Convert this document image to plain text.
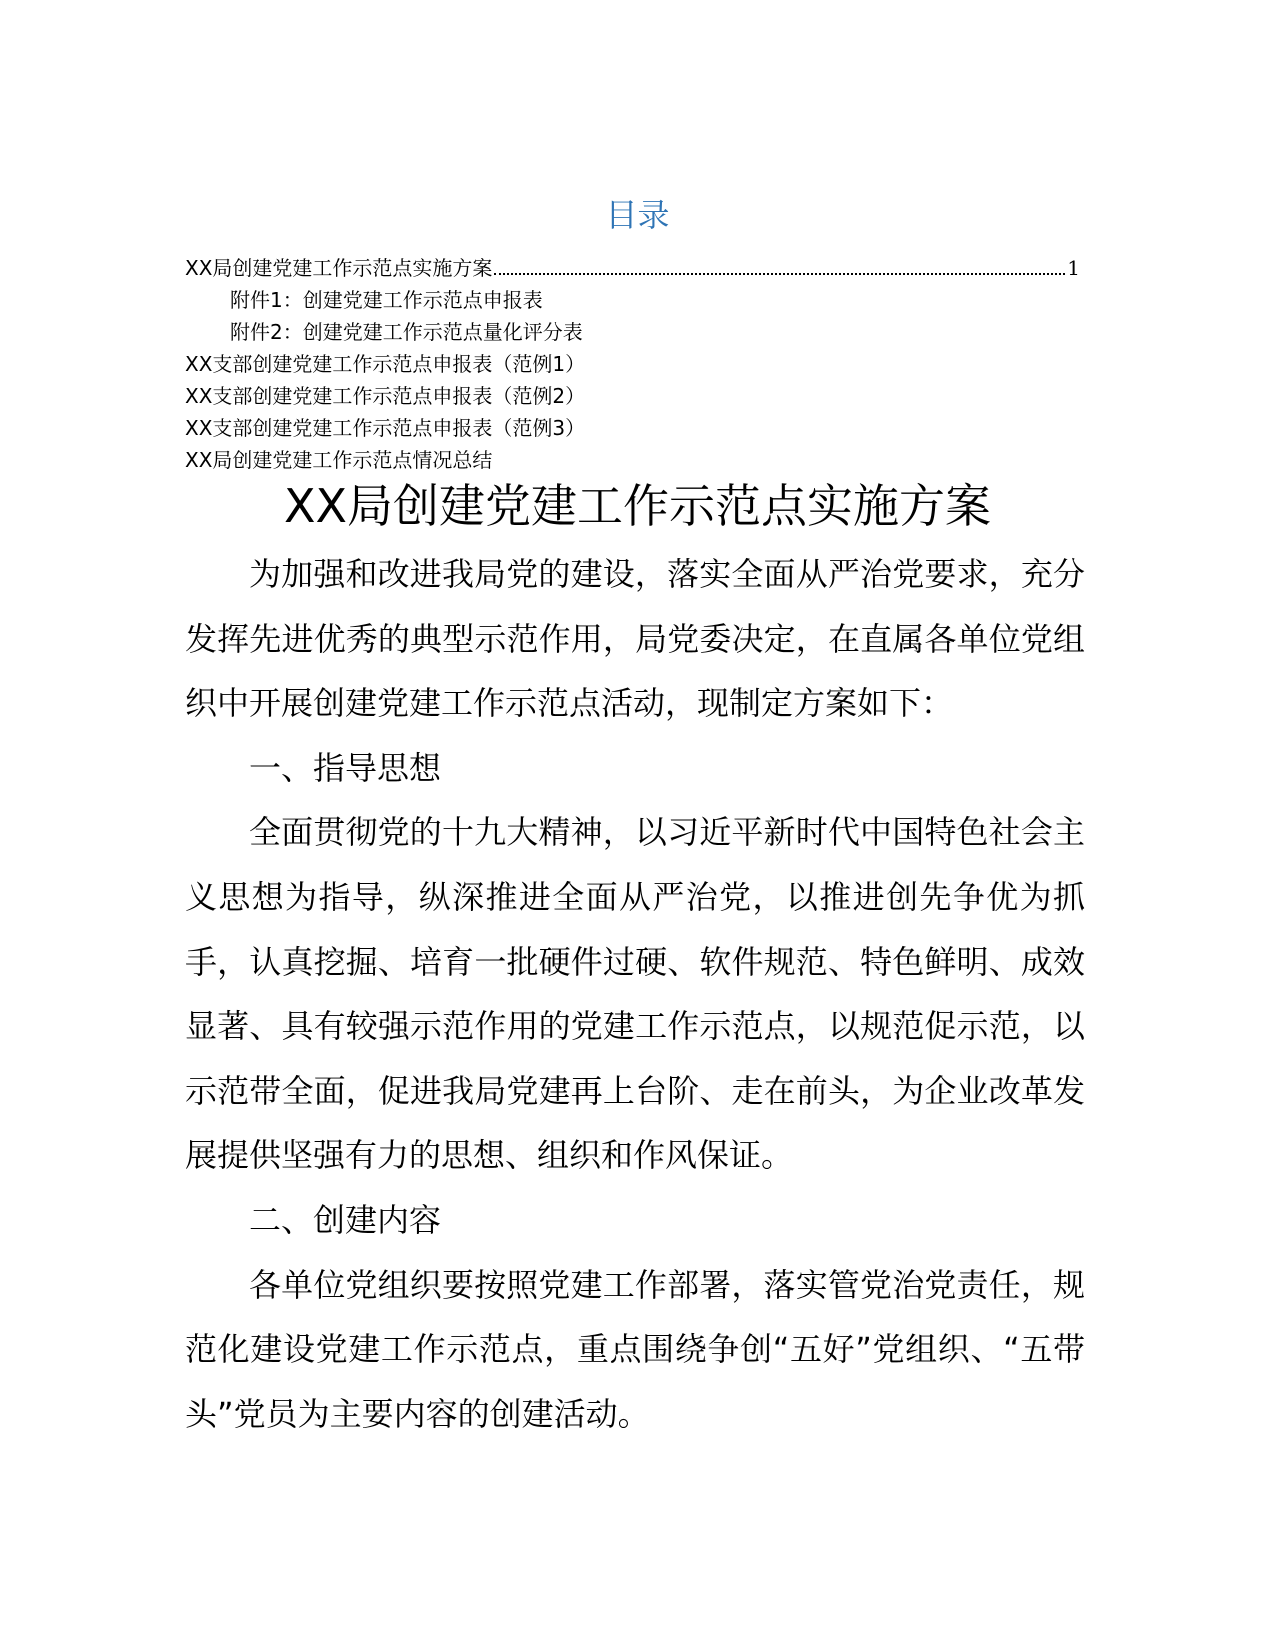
目录
XX局创建党建工作示范点实施方案	1
附件1：创建党建工作示范点申报表
附件2：创建党建工作示范点量化评分表
XX支部创建党建工作示范点申报表（范例1）
XX支部创建党建工作示范点申报表（范例2）
XX支部创建党建工作示范点申报表（范例3）
XX局创建党建工作示范点情况总结
XX局创建党建工作示范点实施方案

为加强和改进我局党的建设，落实全面从严治党要求，充分发挥先进优秀的典型示范作用，局党委决定，在直属各单位党组织中开展创建党建工作示范点活动，现制定方案如下：

一、指导思想

全面贯彻党的十九大精神，以习近平新时代中国特色社会主义思想为指导，纵深推进全面从严治党，以推进创先争优为抓手，认真挖掘、培育一批硬件过硬、软件规范、特色鲜明、成效显著、具有较强示范作用的党建工作示范点，以规范促示范，以示范带全面，促进我局党建再上台阶、走在前头，为企业改革发展提供坚强有力的思想、组织和作风保证。

二、创建内容

各单位党组织要按照党建工作部署，落实管党治党责任，规范化建设党建工作示范点，重点围绕争创“五好”党组织、“五带头”党员为主要内容的创建活动。
